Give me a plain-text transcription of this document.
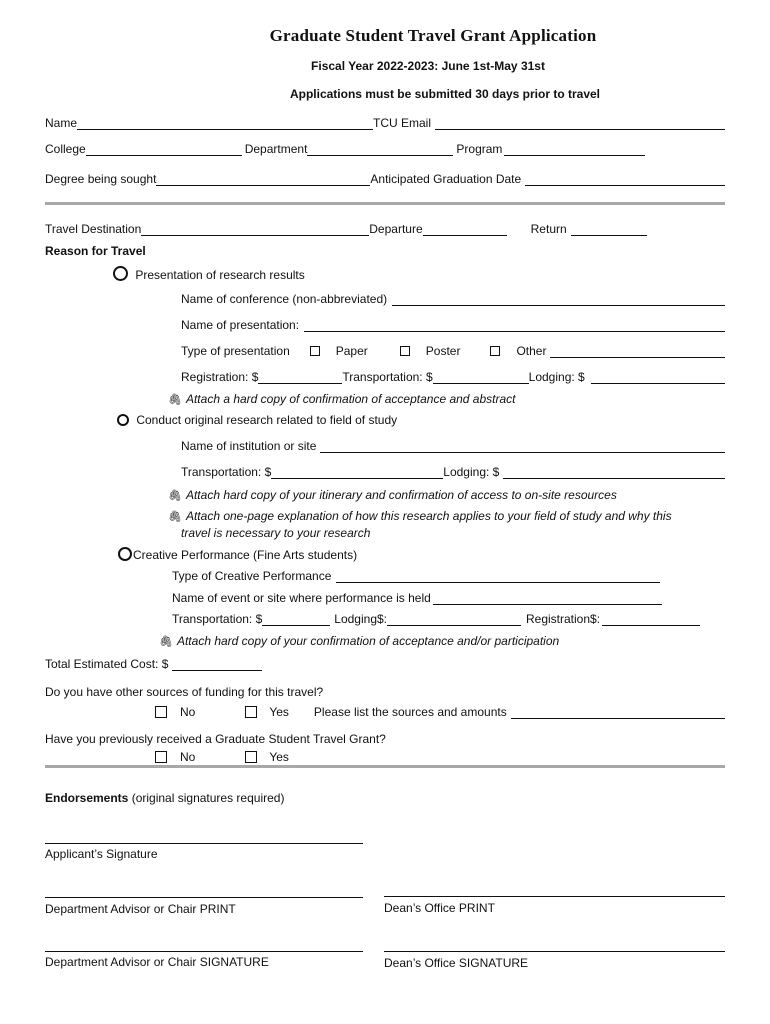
Graduate Student Travel Grant Application
Fiscal Year 2022-2023: June 1st-May 31st
Applications must be submitted 30 days prior to travel
Name	TCU Email
College	Department	Program
Degree being sought	Anticipated Graduation Date
Travel Destination	Departure	Return
Reason for Travel
Presentation of research results
Name of conference (non-abbreviated)
Name of presentation:
Type of presentation	Paper	Poster	Other
Registration: $	Transportation: $	Lodging: $
🖇 Attach a hard copy of confirmation of acceptance and abstract
Conduct original research related to field of study
Name of institution or site
Transportation: $	Lodging: $
🖇 Attach hard copy of your itinerary and confirmation of access to on-site resources
🖇 Attach one-page explanation of how this research applies to your field of study and why this
travel is necessary to your research
Creative Performance (Fine Arts students)
Type of Creative Performance
Name of event or site where performance is held
Transportation: $	Lodging$:	Registration$:
🖇 Attach hard copy of your confirmation of acceptance and/or participation
Total Estimated Cost: $
Do you have other sources of funding for this travel?
No	Yes Please list the sources and amounts
Have you previously received a Graduate Student Travel Grant?
No	Yes
Endorsements (original signatures required)
Applicant’s Signature
Department Advisor or Chair PRINT	Dean’s Office PRINT
Department Advisor or Chair SIGNATURE	Dean’s Office SIGNATURE
